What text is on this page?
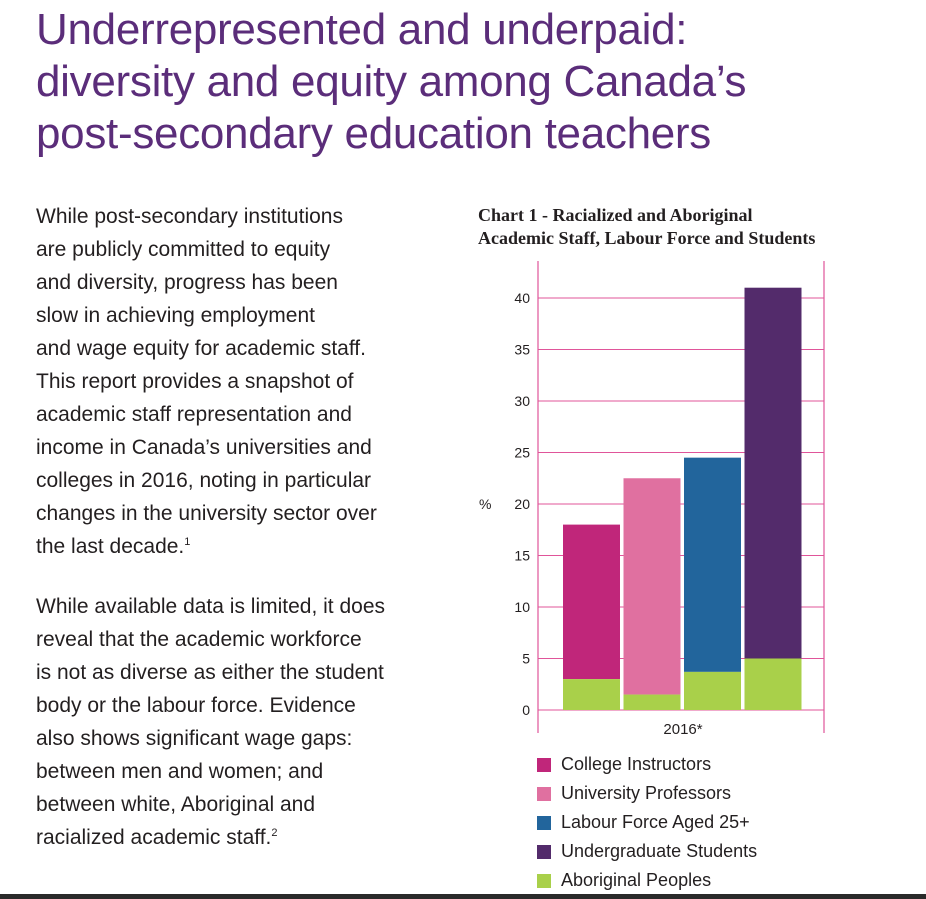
Underrepresented and underpaid:
diversity and equity among Canada’s
post-secondary education teachers

While post-secondary institutions
are publicly committed to equity
and diversity, progress has been
slow in achieving employment
and wage equity for academic staff.
This report provides a snapshot of
academic staff representation and
income in Canada’s universities and
colleges in 2016, noting in particular
changes in the university sector over
the last decade.$^1$

While available data is limited, it does
reveal that the academic workforce
is not as diverse as either the student
body or the labour force. Evidence
also shows significant wage gaps:
between men and women; and
between white, Aboriginal and
racialized academic staff.$^2$

Chart 1 - Racialized and Aboriginal
Academic Staff, Labour Force and Students
0
5
10
15
20
25
30
35
40
%
2016*
College Instructors
University Professors
Labour Force Aged 25+
Undergraduate Students
Aboriginal Peoples
